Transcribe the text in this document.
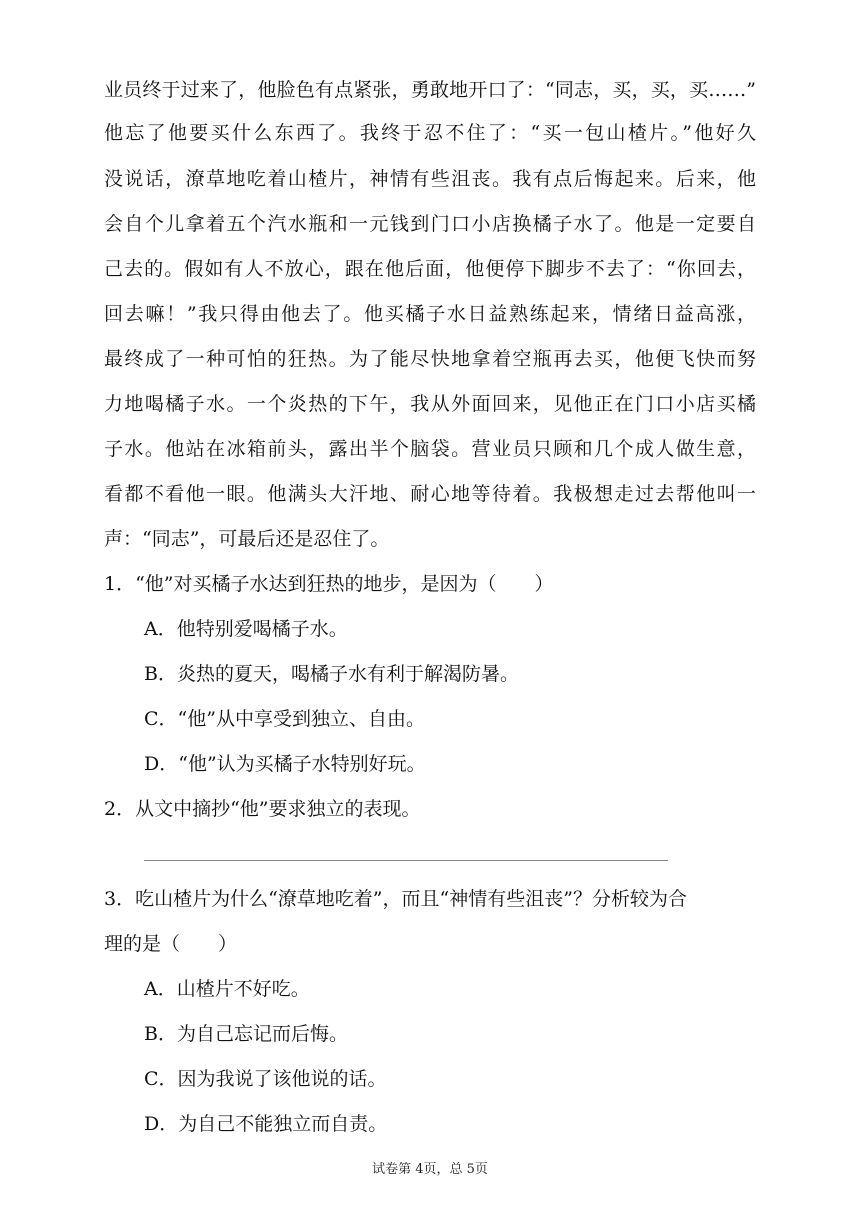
业员终于过来了，他脸色有点紧张，勇敢地开口了：“同志，买，买，买……”
他忘了他要买什么东西了。我终于忍不住了：“买一包山楂片。”他好久
没说话，潦草地吃着山楂片，神情有些沮丧。我有点后悔起来。后来，他
会自个儿拿着五个汽水瓶和一元钱到门口小店换橘子水了。他是一定要自
己去的。假如有人不放心，跟在他后面，他便停下脚步不去了：“你回去，
回去嘛！”我只得由他去了。他买橘子水日益熟练起来，情绪日益高涨，
最终成了一种可怕的狂热。为了能尽快地拿着空瓶再去买，他便飞快而努
力地喝橘子水。一个炎热的下午，我从外面回来，见他正在门口小店买橘
子水。他站在冰箱前头，露出半个脑袋。营业员只顾和几个成人做生意，
看都不看他一眼。他满头大汗地、耐心地等待着。我极想走过去帮他叫一
声：“同志”，可最后还是忍住了。
1．“他”对买橘子水达到狂热的地步，是因为（　　）
A．他特别爱喝橘子水。
B．炎热的夏天，喝橘子水有利于解渴防暑。
C．“他”从中享受到独立、自由。
D．“他”认为买橘子水特别好玩。
2．从文中摘抄“他”要求独立的表现。
3．吃山楂片为什么“潦草地吃着”，而且“神情有些沮丧”？分析较为合
理的是（　　）
A．山楂片不好吃。
B．为自己忘记而后悔。
C．因为我说了该他说的话。
D．为自己不能独立而自责。
试卷第 4页，总 5页
